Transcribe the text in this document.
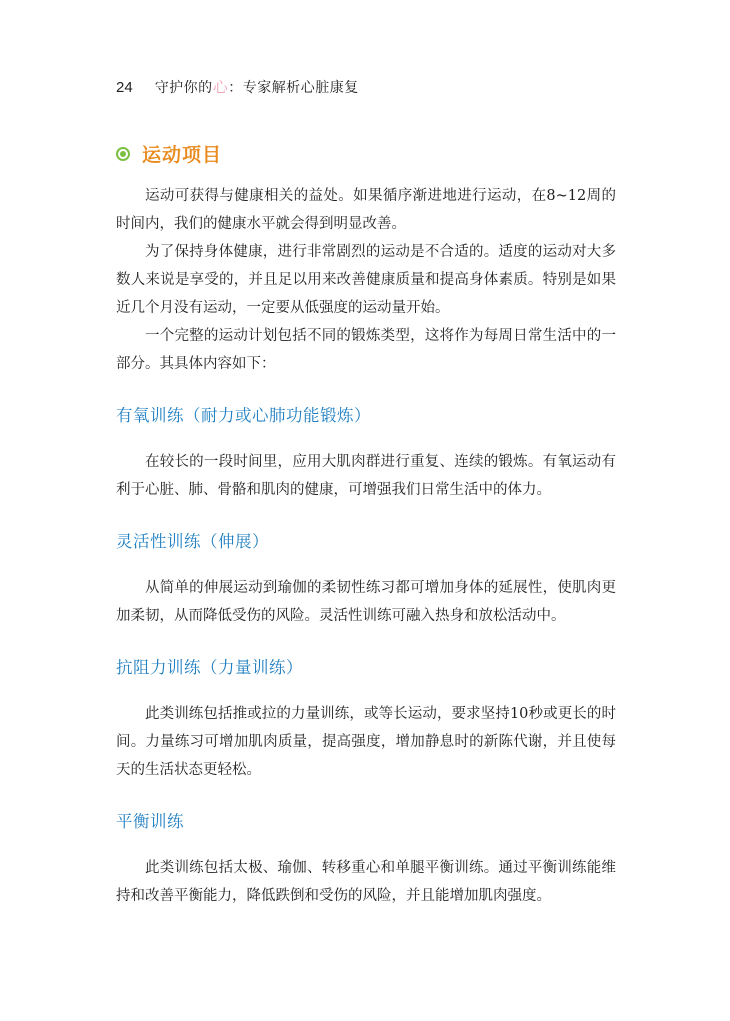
24 守护你的心：专家解析心脏康复
运动项目

运动可获得与健康相关的益处。如果循序渐进地进行运动，在8~12周的时间内，我们的健康水平就会得到明显改善。

为了保持身体健康，进行非常剧烈的运动是不合适的。适度的运动对大多数人来说是享受的，并且足以用来改善健康质量和提高身体素质。特别是如果近几个月没有运动，一定要从低强度的运动量开始。

一个完整的运动计划包括不同的锻炼类型，这将作为每周日常生活中的一部分。其具体内容如下：

有氧训练（耐力或心肺功能锻炼）

在较长的一段时间里，应用大肌肉群进行重复、连续的锻炼。有氧运动有利于心脏、肺、骨骼和肌肉的健康，可增强我们日常生活中的体力。

灵活性训练（伸展）

从简单的伸展运动到瑜伽的柔韧性练习都可增加身体的延展性，使肌肉更加柔韧，从而降低受伤的风险。灵活性训练可融入热身和放松活动中。

抗阻力训练（力量训练）

此类训练包括推或拉的力量训练，或等长运动，要求坚持10秒或更长的时间。力量练习可增加肌肉质量，提高强度，增加静息时的新陈代谢，并且使每天的生活状态更轻松。

平衡训练

此类训练包括太极、瑜伽、转移重心和单腿平衡训练。通过平衡训练能维持和改善平衡能力，降低跌倒和受伤的风险，并且能增加肌肉强度。
